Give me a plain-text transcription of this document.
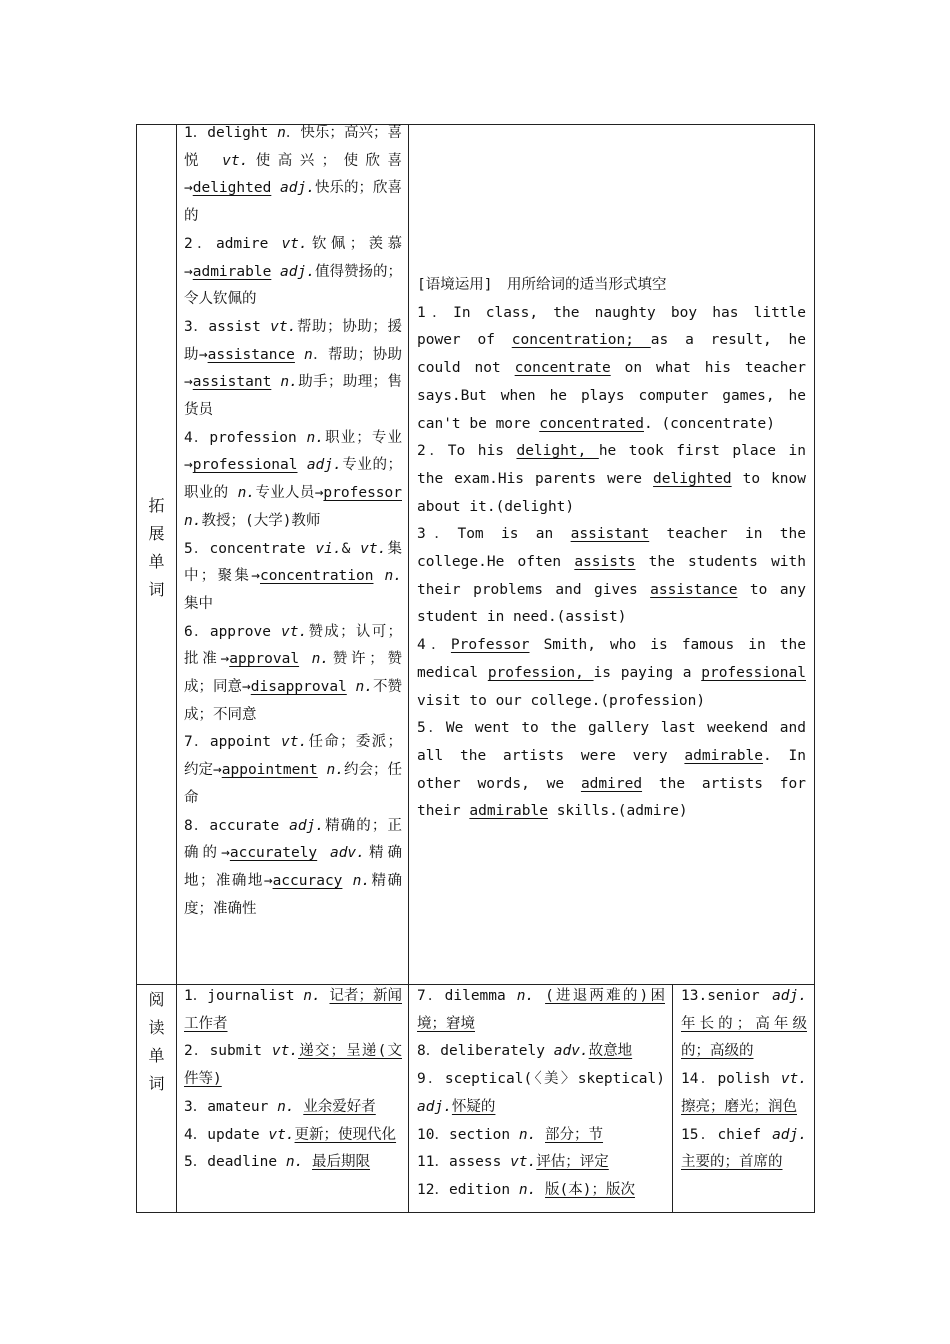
拓
展
单
词

1．delight n．快乐；高兴；喜悦 vt.使高兴；使欣喜→delighted adj.快乐的；欣喜的

2．admire vt.钦佩；羡慕→admirable adj.值得赞扬的；令人钦佩的

3．assist vt.帮助；协助；援助→assistance n．帮助；协助→assistant n.助手；助理；售货员

4．profession n.职业；专业→professional adj.专业的；职业的 n.专业人员→professor n.教授；(大学)教师

5．concentrate vi.& vt.集中；聚集→concentration n.集中

6．approve vt.赞成；认可；批准→approval n.赞许；赞成；同意→disapproval n.不赞成；不同意

7．appoint vt.任命；委派；约定→appointment n.约会；任命

8．accurate adj.精确的；正确的→accurately adv.精确地；准确地→accuracy n.精确度；准确性

[语境运用]　用所给词的适当形式填空

1．In class, the naughty boy has little power of concentration; as a result, he could not concentrate on what his teacher says.But when he plays computer games, he can't be more concentrated. (concentrate)

2．To his delight, he took first place in the exam.His parents were delighted to know about it.(delight)

3．Tom is an assistant teacher in the college.He often assists the students with their problems and gives assistance to any student in need.(assist)

4．Professor Smith, who is famous in the medical profession, is paying a professional visit to our college.(profession)

5．We went to the gallery last weekend and all the artists were very admirable. In other words, we admired the artists for their admirable skills.(admire)

阅
读
单
词

1．journalist n. 记者；新闻工作者

2．submit vt.递交；呈递(文件等)

3．amateur n. 业余爱好者

4．update vt.更新；使现代化

5．deadline n. 最后期限

7．dilemma n. (进退两难的)困境；窘境

8．deliberately adv.故意地

9．sceptical(〈美〉skeptical) adj.怀疑的

10．section n. 部分；节

11．assess vt.评估；评定

12．edition n. 版(本)；版次

13.senior adj.年长的；高年级的；高级的

14．polish vt.擦亮；磨光；润色

15．chief adj.主要的；首席的
